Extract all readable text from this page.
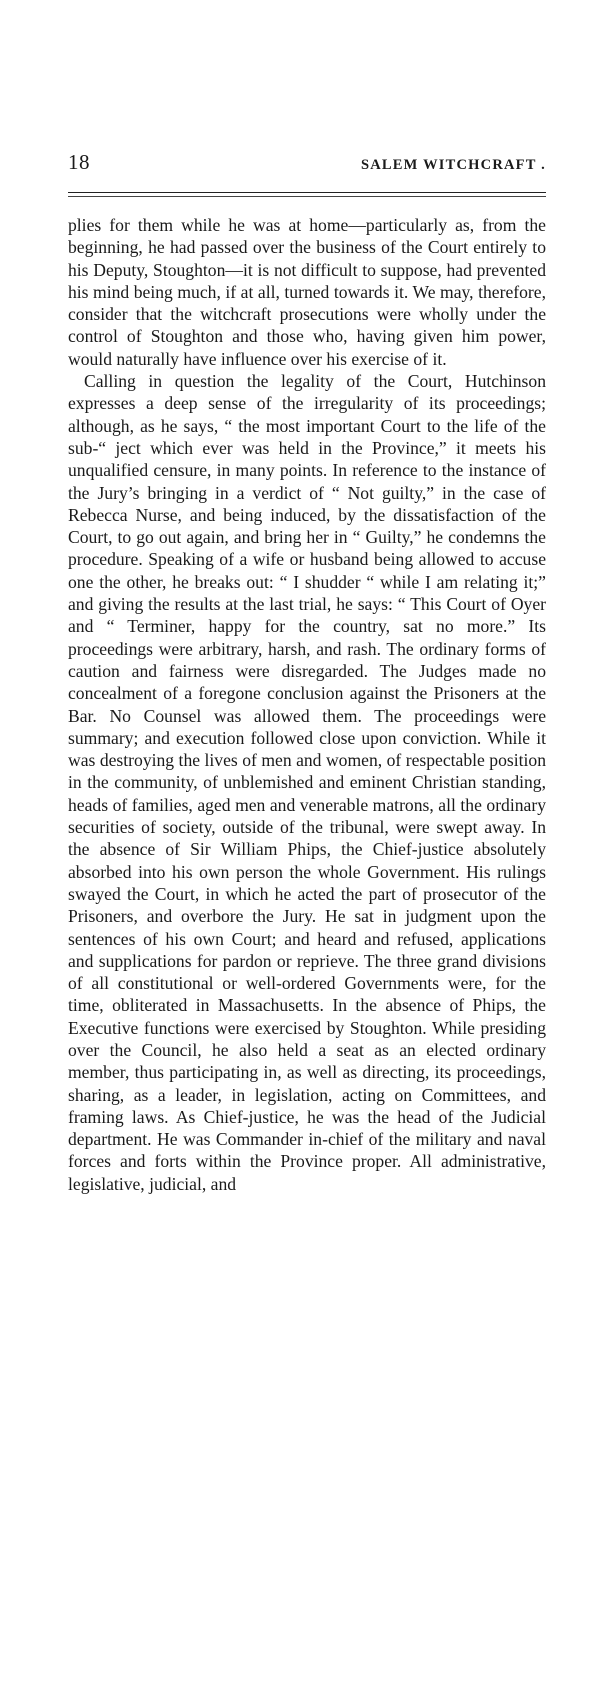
18	SALEM WITCHCRAFT .

plies for them while he was at home—particularly as, from the beginning, he had passed over the business of the Court entirely to his Deputy, Stoughton—it is not difficult to suppose, had prevented his mind being much, if at all, turned towards it. We may, therefore, consider that the witchcraft prosecutions were wholly under the control of Stoughton and those who, having given him power, would naturally have influence over his exercise of it.

Calling in question the legality of the Court, Hutchinson expresses a deep sense of the irregularity of its proceedings; although, as he says, “ the most important Court to the life of the sub-“ ject which ever was held in the Province,” it meets his unqualified censure, in many points. In reference to the instance of the Jury’s bringing in a verdict of “ Not guilty,” in the case of Rebecca Nurse, and being induced, by the dissatisfaction of the Court, to go out again, and bring her in “ Guilty,” he condemns the procedure. Speaking of a wife or husband being allowed to accuse one the other, he breaks out: “ I shudder “ while I am relating it;” and giving the results at the last trial, he says: “ This Court of Oyer and “ Terminer, happy for the country, sat no more.” Its proceedings were arbitrary, harsh, and rash. The ordinary forms of caution and fairness were disregarded. The Judges made no concealment of a foregone conclusion against the Prisoners at the Bar. No Counsel was allowed them. The proceedings were summary; and execution followed close upon conviction. While it was destroying the lives of men and women, of respectable position in the community, of unblemished and eminent Christian standing, heads of families, aged men and venerable matrons, all the ordinary securities of society, outside of the tribunal, were swept away. In the absence of Sir William Phips, the Chief-justice absolutely absorbed into his own person the whole Government. His rulings swayed the Court, in which he acted the part of prosecutor of the Prisoners, and overbore the Jury. He sat in judgment upon the sentences of his own Court; and heard and refused, applications and supplications for pardon or reprieve. The three grand divisions of all constitutional or well-ordered Governments were, for the time, obliterated in Massachusetts. In the absence of Phips, the Executive functions were exercised by Stoughton. While presiding over the Council, he also held a seat as an elected ordinary member, thus participating in, as well as directing, its proceedings, sharing, as a leader, in legislation, acting on Committees, and framing laws. As Chief-justice, he was the head of the Judicial department. He was Commander in-chief of the military and naval forces and forts within the Province proper. All administrative, legislative, judicial, and
